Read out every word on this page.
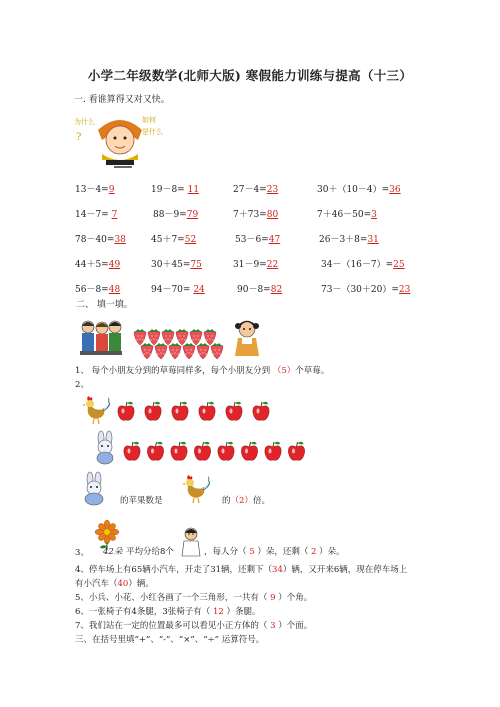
小学二年级数学(北师大版) 寒假能力训练与提高（十三）
一. 看谁算得又对又快。
为什么	如何
是什么
?
13－4=9	19－8= 11	27－4=23	30＋（10－4）=36
14－7= 7	88－9=79	7＋73=80	7＋46－50=3
78－40=38	45＋7=52	53－6=47	26－3＋8=31
44＋5=49	30＋45=75	31－9=22	34－（16－7）=25
56－8=48	94－70= 24	90－8=82	73－（30＋20）=23
二、 填一填。
1、 每个小朋友分到的草莓同样多，每个小朋友分到 （5）个草莓。
2、
的苹果数是	的（2）倍。
3、 42朵 平均分给8个	，每人分（ 5 ）朵，还剩（ 2 ）朵。
4、停车场上有65辆小汽车，开走了31辆，还剩下（34）辆，又开来6辆，现在停车场上
有小汽车（40）辆。
5、小兵、小花、小红各画了一个三角形，一共有（ 9 ）个角。
6、一张椅子有4条腿，3张椅子有（ 12 ）条腿。
7、我们站在一定的位置最多可以看见小正方体的（ 3 ）个面。
三、在括号里填“+”、“-”、“×”、“÷” 运算符号。
